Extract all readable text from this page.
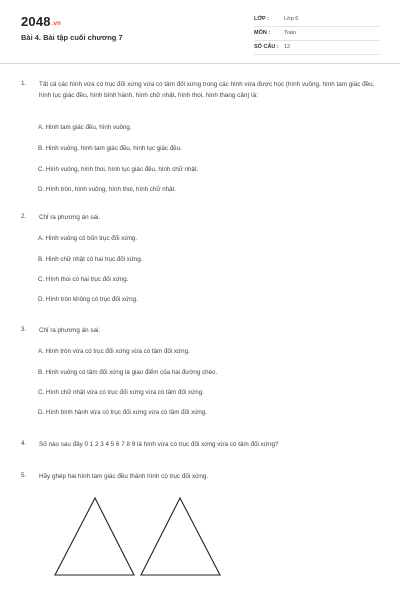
2048.vn
Bài 4. Bài tập cuối chương 7
LỚP :	Lớp 6
MÔN :	Toán
SỐ CÂU : 12
1. Tất cả các hình vừa có trục đối xứng vừa có tâm đối xứng trong các hình vừa được học (hình vuông, hình tam giác đều, hình lục giác đều, hình bình hành, hình chữ nhật, hình thoi, hình thang cân) là:
A. Hình tam giác đều, hình vuông.
B. Hình vuông, hình tam giác đều, hình lục giác đều.
C. Hình vuông, hình thoi, hình lục giác đều, hình chữ nhật.
D. Hình tròn, hình vuông, hình thoi, hình chữ nhật.
2. Chỉ ra phương án sai.
A. Hình vuông có bốn trục đối xứng.
B. Hình chữ nhật có hai trục đối xứng.
C. Hình thoi có hai trục đối xứng.
D. Hình tròn không có trục đối xứng.
3. Chỉ ra phương án sai.
A. Hình tròn vừa có trục đối xứng vừa có tâm đối xứng.
B. Hình vuông có tâm đối xứng là giao điểm của hai đường chéo.
C. Hình chữ nhật vừa có trục đối xứng vừa có tâm đối xứng.
D. Hình bình hành vừa có trục đối xứng vừa có tâm đối xứng.
4. Số nào sau đây 0 1 2 3 4 5 6 7 8 9 là hình vừa có trục đối xứng vừa có tâm đối xứng?
5. Hãy ghép hai hình tam giác đều thành hình có trục đối xứng.
